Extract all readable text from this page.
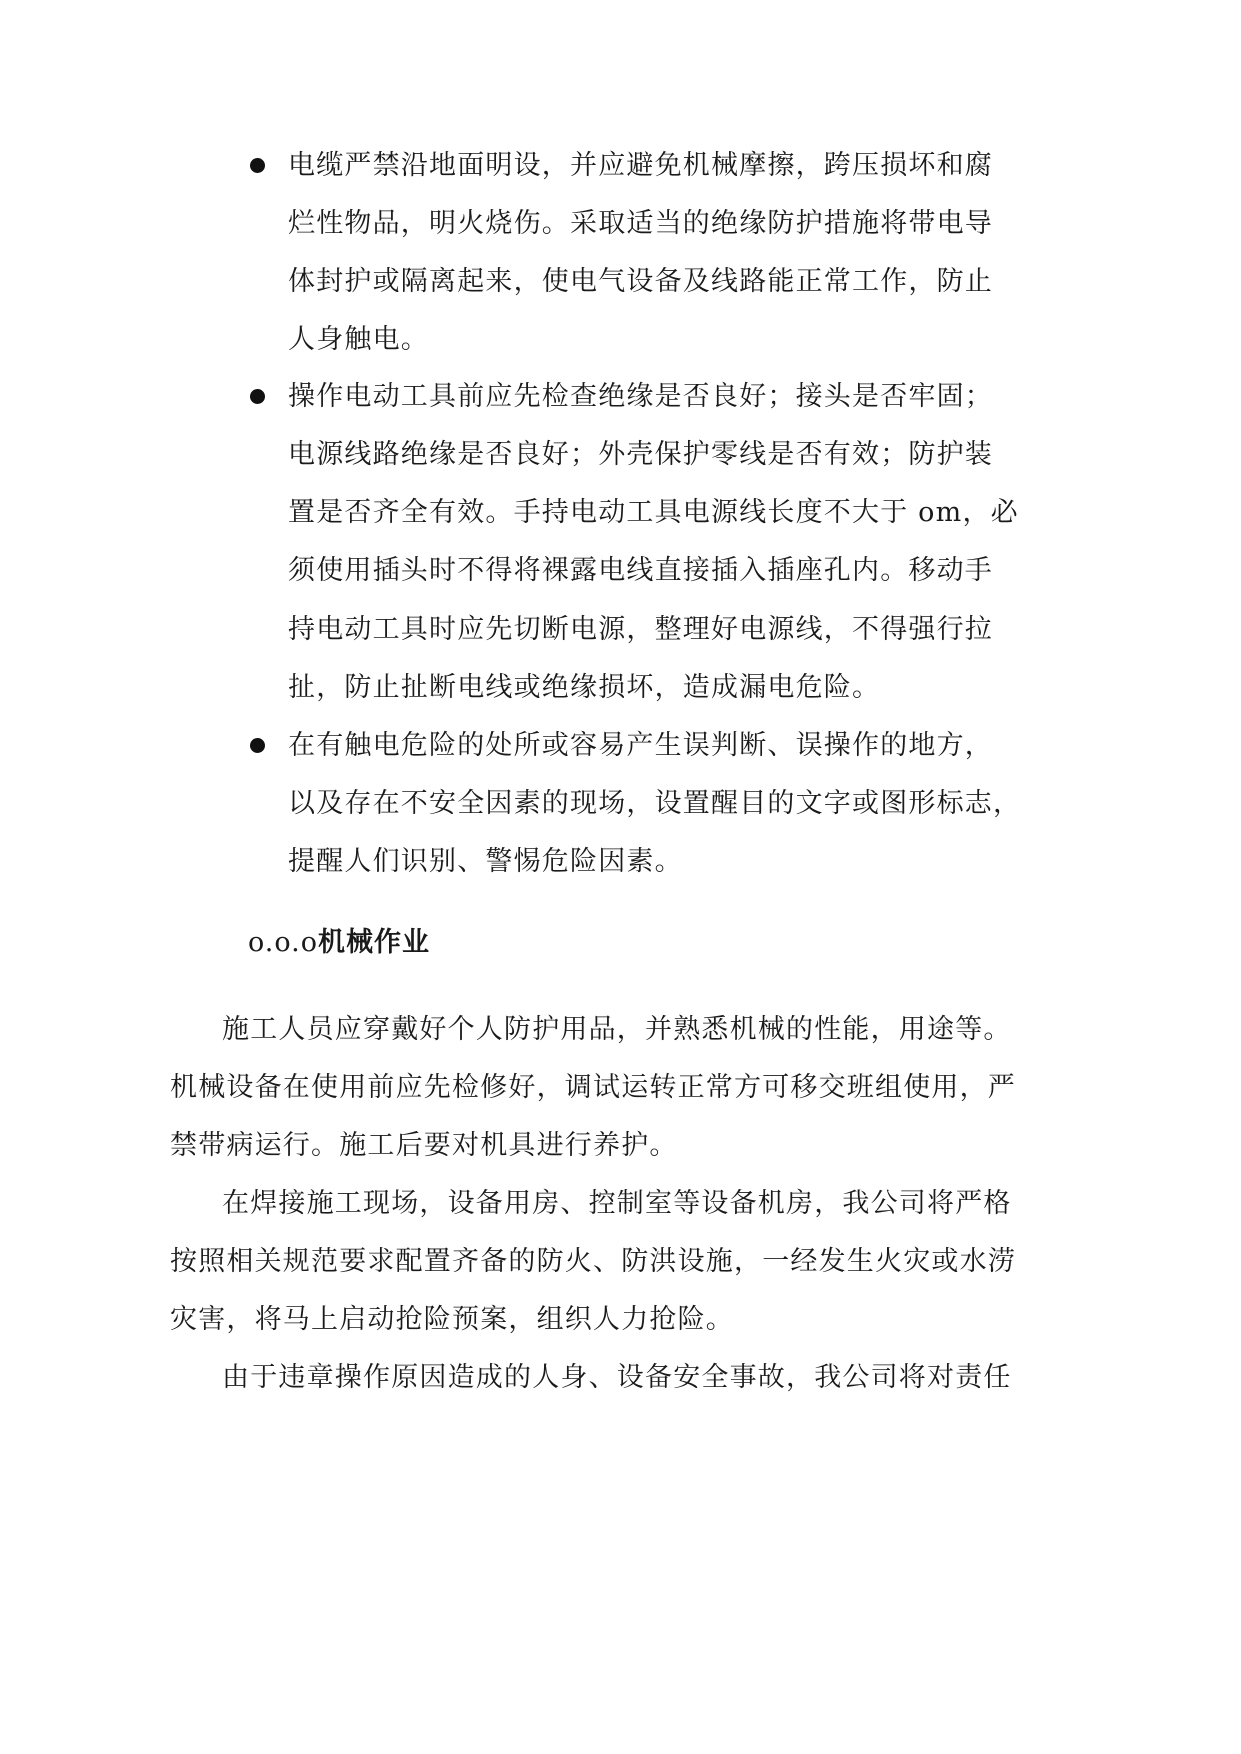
电缆严禁沿地面明设，并应避免机械摩擦，跨压损坏和腐
烂性物品，明火烧伤。采取适当的绝缘防护措施将带电导
体封护或隔离起来，使电气设备及线路能正常工作，防止
人身触电。
操作电动工具前应先检查绝缘是否良好；接头是否牢固；
电源线路绝缘是否良好；外壳保护零线是否有效；防护装
置是否齐全有效。手持电动工具电源线长度不大于 om，必
须使用插头时不得将裸露电线直接插入插座孔内。移动手
持电动工具时应先切断电源，整理好电源线，不得强行拉
扯，防止扯断电线或绝缘损坏，造成漏电危险。
在有触电危险的处所或容易产生误判断、误操作的地方，
以及存在不安全因素的现场，设置醒目的文字或图形标志，
提醒人们识别、警惕危险因素。
o.o.o机械作业
施工人员应穿戴好个人防护用品，并熟悉机械的性能，用途等。
机械设备在使用前应先检修好，调试运转正常方可移交班组使用，严
禁带病运行。施工后要对机具进行养护。
在焊接施工现场，设备用房、控制室等设备机房，我公司将严格
按照相关规范要求配置齐备的防火、防洪设施，一经发生火灾或水涝
灾害，将马上启动抢险预案，组织人力抢险。
由于违章操作原因造成的人身、设备安全事故，我公司将对责任
